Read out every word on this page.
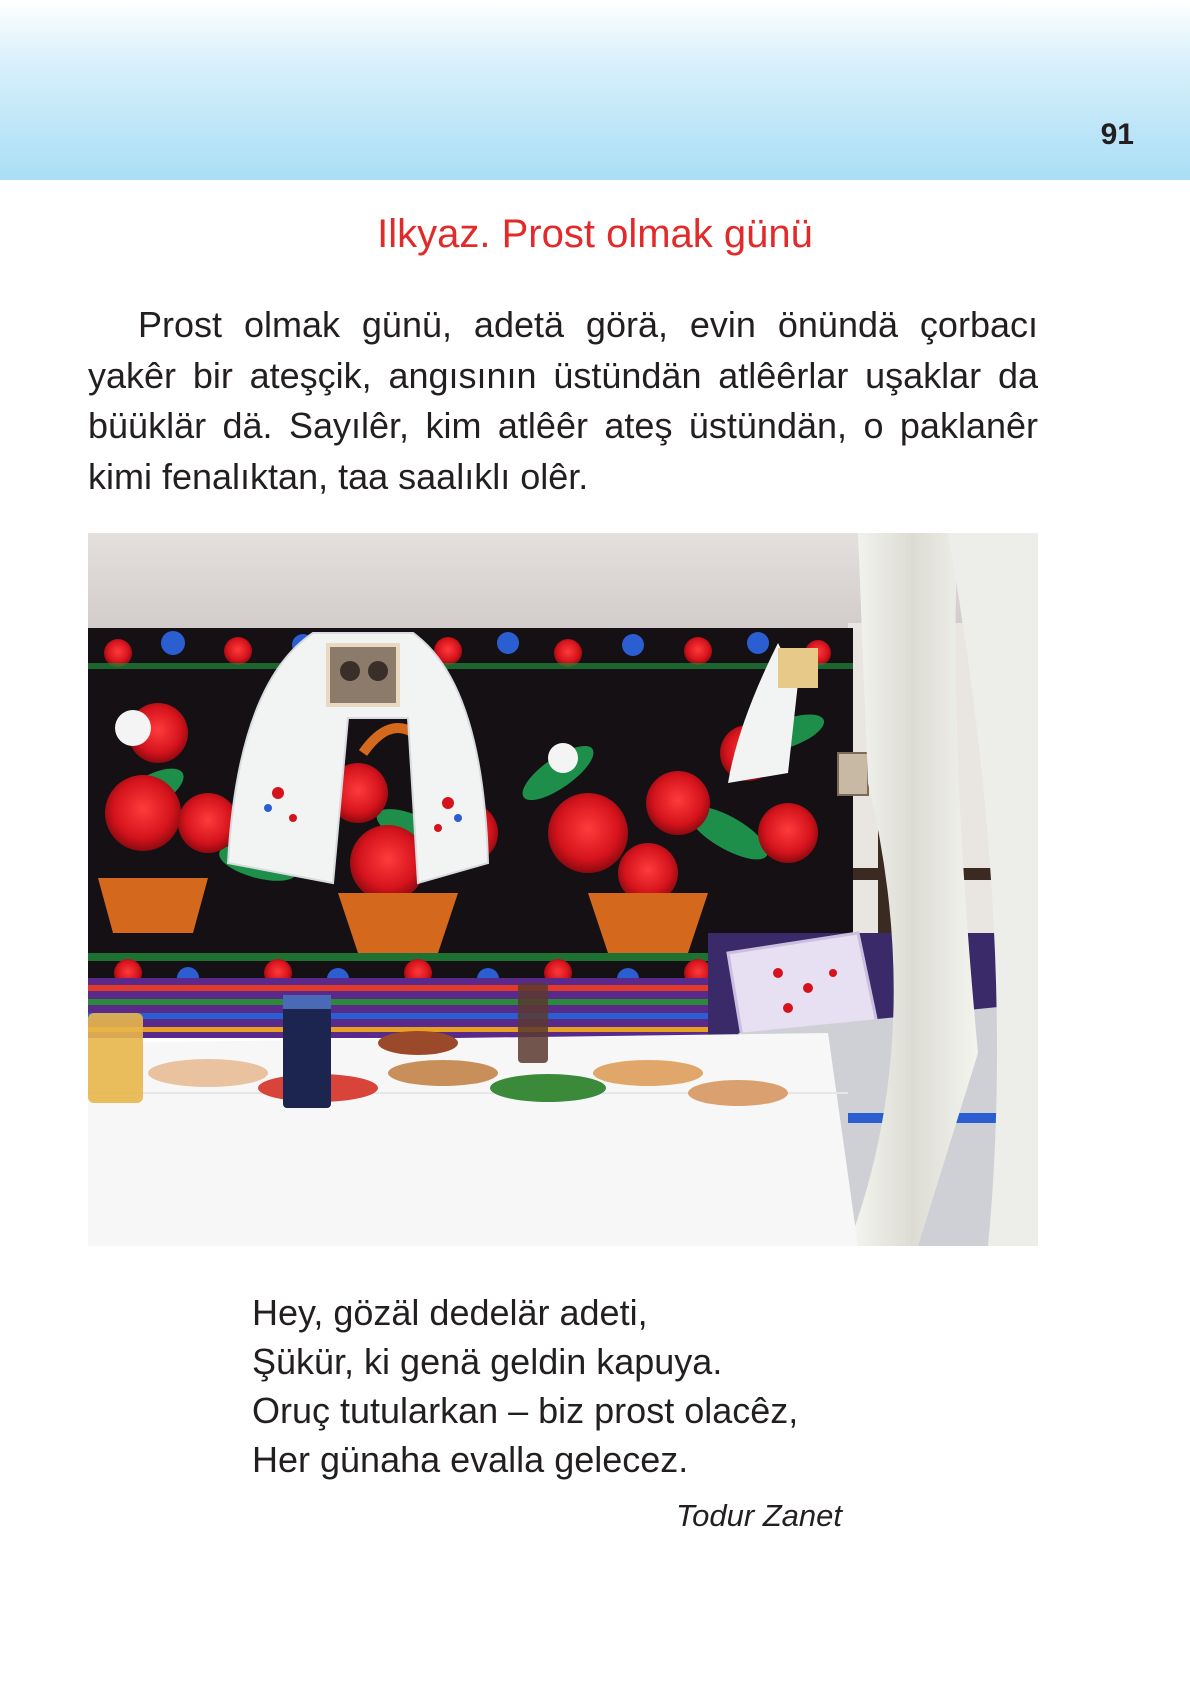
91
Ilkyaz. Prost olmak günü
Prost olmak günü, adetä görä, evin önündä çorbacı yakêr bir ateşçik, angısının üstündän atlêêrlar uşaklar da büüklär dä. Sayılêr, kim atlêêr ateş üstündän, o paklanêr kimi fenalıktan, taa saalıklı olêr.
Hey, gözäl dedelär adeti,
Şükür, ki genä geldin kapuya.
Oruç tutularkan – biz prost olacêz,
Her günaha evalla gelecez.
Todur Zanet
